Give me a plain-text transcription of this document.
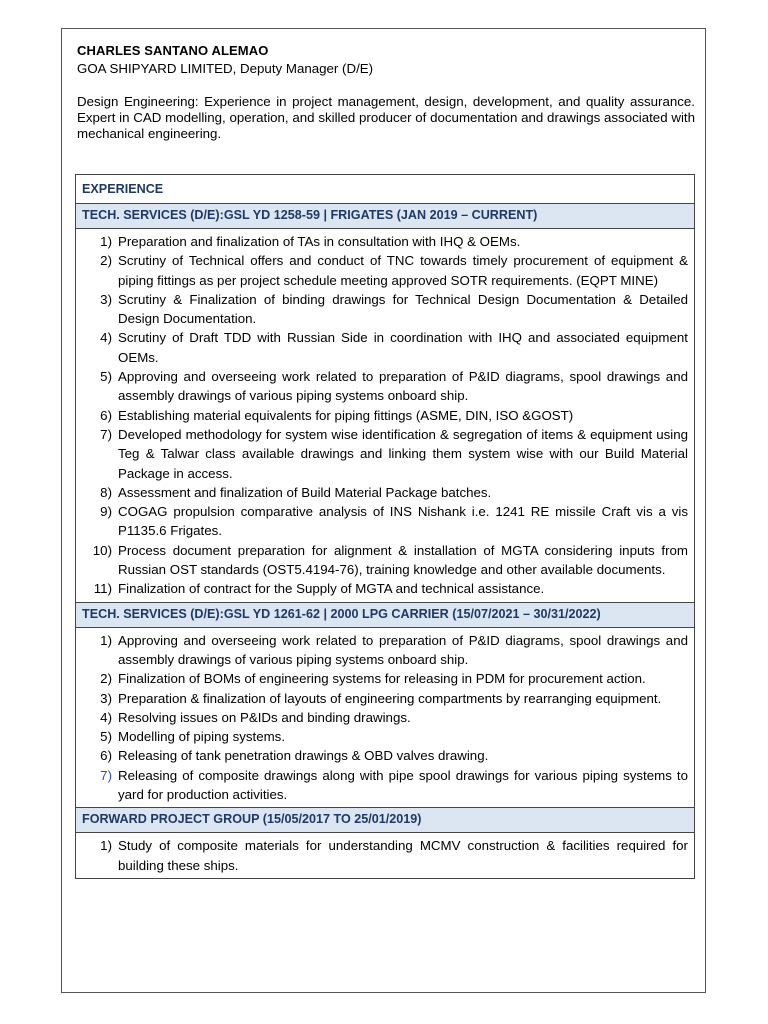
CHARLES SANTANO ALEMAO
GOA SHIPYARD LIMITED, Deputy Manager (D/E)
Design Engineering: Experience in project management, design, development, and quality assurance. Expert in CAD modelling, operation, and skilled producer of documentation and drawings associated with mechanical engineering.
EXPERIENCE
TECH. SERVICES (D/E):GSL YD 1258-59 | FRIGATES (JAN 2019 – CURRENT)
1) Preparation and finalization of TAs in consultation with IHQ & OEMs.
2) Scrutiny of Technical offers and conduct of TNC towards timely procurement of equipment & piping fittings as per project schedule meeting approved SOTR requirements. (EQPT MINE)
3) Scrutiny & Finalization of binding drawings for Technical Design Documentation & Detailed Design Documentation.
4) Scrutiny of Draft TDD with Russian Side in coordination with IHQ and associated equipment OEMs.
5) Approving and overseeing work related to preparation of P&ID diagrams, spool drawings and assembly drawings of various piping systems onboard ship.
6) Establishing material equivalents for piping fittings (ASME, DIN, ISO &GOST)
7) Developed methodology for system wise identification & segregation of items & equipment using Teg & Talwar class available drawings and linking them system wise with our Build Material Package in access.
8) Assessment and finalization of Build Material Package batches.
9) COGAG propulsion comparative analysis of INS Nishank i.e. 1241 RE missile Craft vis a vis P1135.6 Frigates.
10) Process document preparation for alignment & installation of MGTA considering inputs from Russian OST standards (OST5.4194-76), training knowledge and other available documents.
11) Finalization of contract for the Supply of MGTA and technical assistance.
TECH. SERVICES (D/E):GSL YD 1261-62 | 2000 LPG CARRIER (15/07/2021 – 30/31/2022)
1) Approving and overseeing work related to preparation of P&ID diagrams, spool drawings and assembly drawings of various piping systems onboard ship.
2) Finalization of BOMs of engineering systems for releasing in PDM for procurement action.
3) Preparation & finalization of layouts of engineering compartments by rearranging equipment.
4) Resolving issues on P&IDs and binding drawings.
5) Modelling of piping systems.
6) Releasing of tank penetration drawings & OBD valves drawing.
7) Releasing of composite drawings along with pipe spool drawings for various piping systems to yard for production activities.
FORWARD PROJECT GROUP (15/05/2017 TO 25/01/2019)
1) Study of composite materials for understanding MCMV construction & facilities required for building these ships.
